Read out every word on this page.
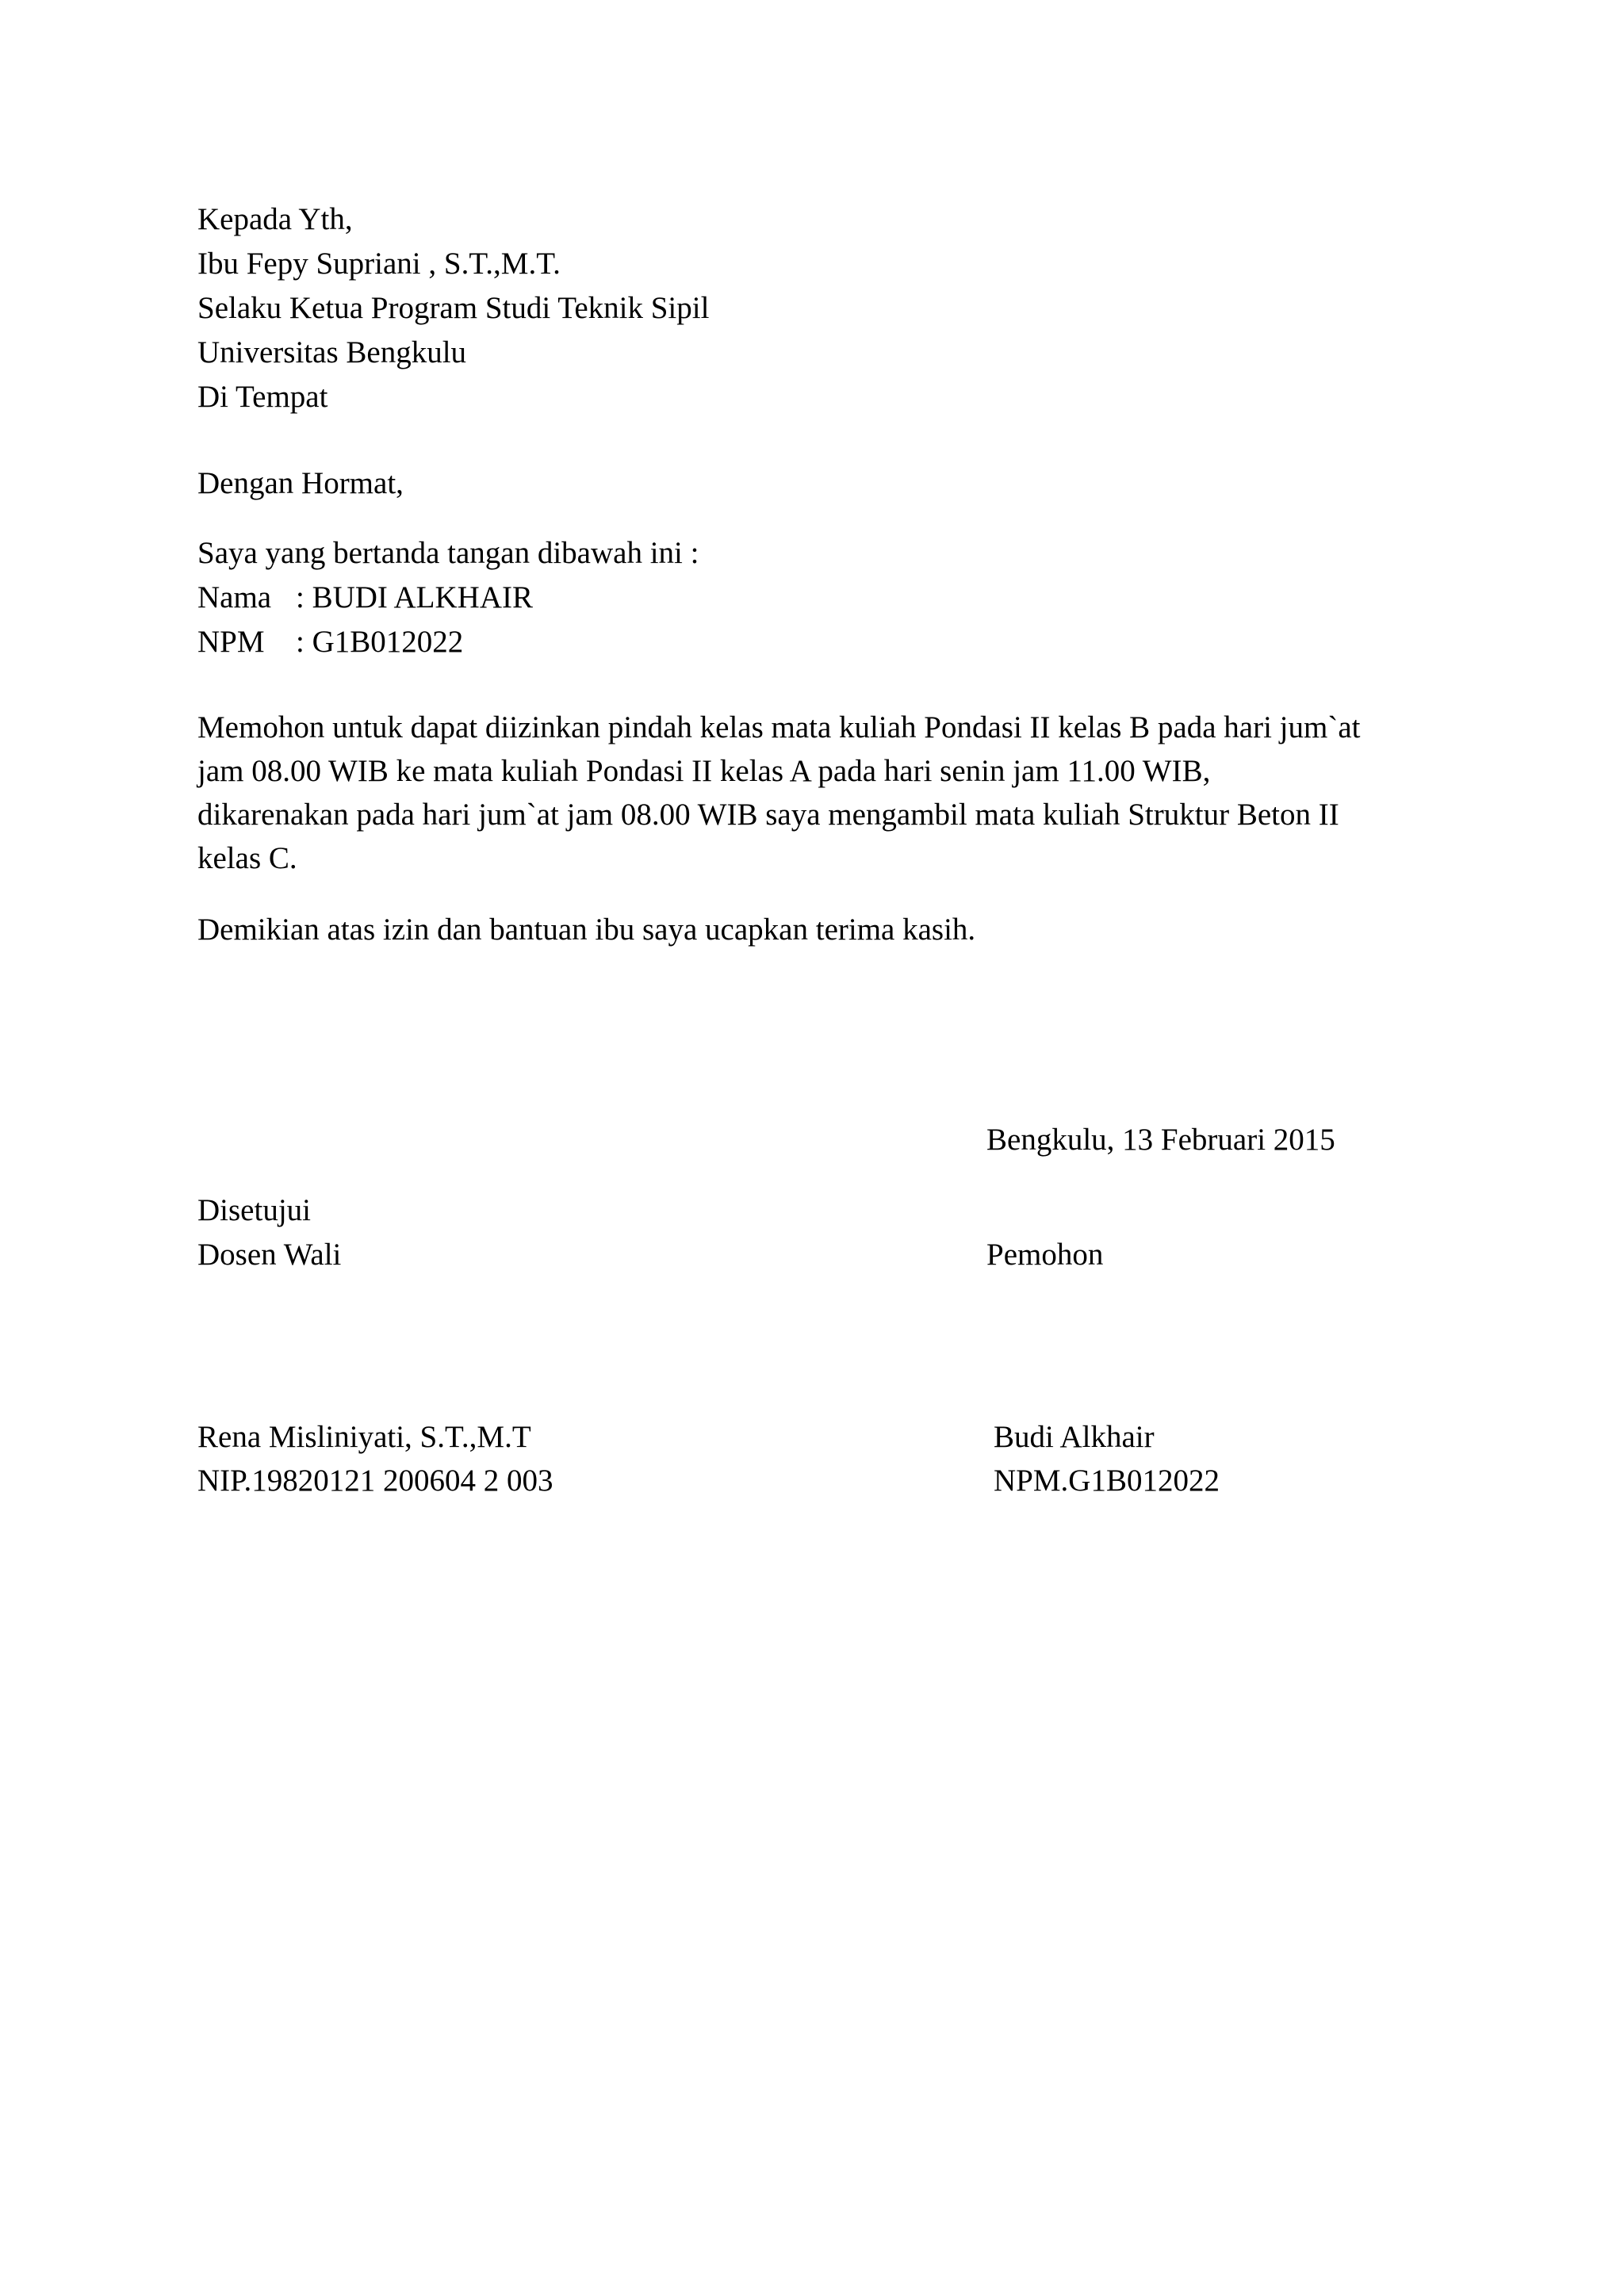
Kepada Yth,
Ibu Fepy Supriani , S.T.,M.T.
Selaku Ketua Program Studi Teknik Sipil
Universitas Bengkulu
Di Tempat
Dengan Hormat,
Saya yang bertanda tangan dibawah ini :
Nama : BUDI ALKHAIR
NPM : G1B012022
Memohon untuk dapat diizinkan pindah kelas mata kuliah Pondasi II kelas B pada hari jum`at
jam 08.00 WIB ke mata kuliah Pondasi II kelas A pada hari senin jam 11.00 WIB,
dikarenakan pada hari jum`at jam 08.00 WIB saya mengambil mata kuliah Struktur Beton II
kelas C.
Demikian atas izin dan bantuan ibu saya ucapkan terima kasih.
Bengkulu, 13 Februari 2015
Disetujui
Dosen Wali	Pemohon
Rena Misliniyati, S.T.,M.T
NIP.19820121 200604 2 003
Budi Alkhair
NPM.G1B012022
